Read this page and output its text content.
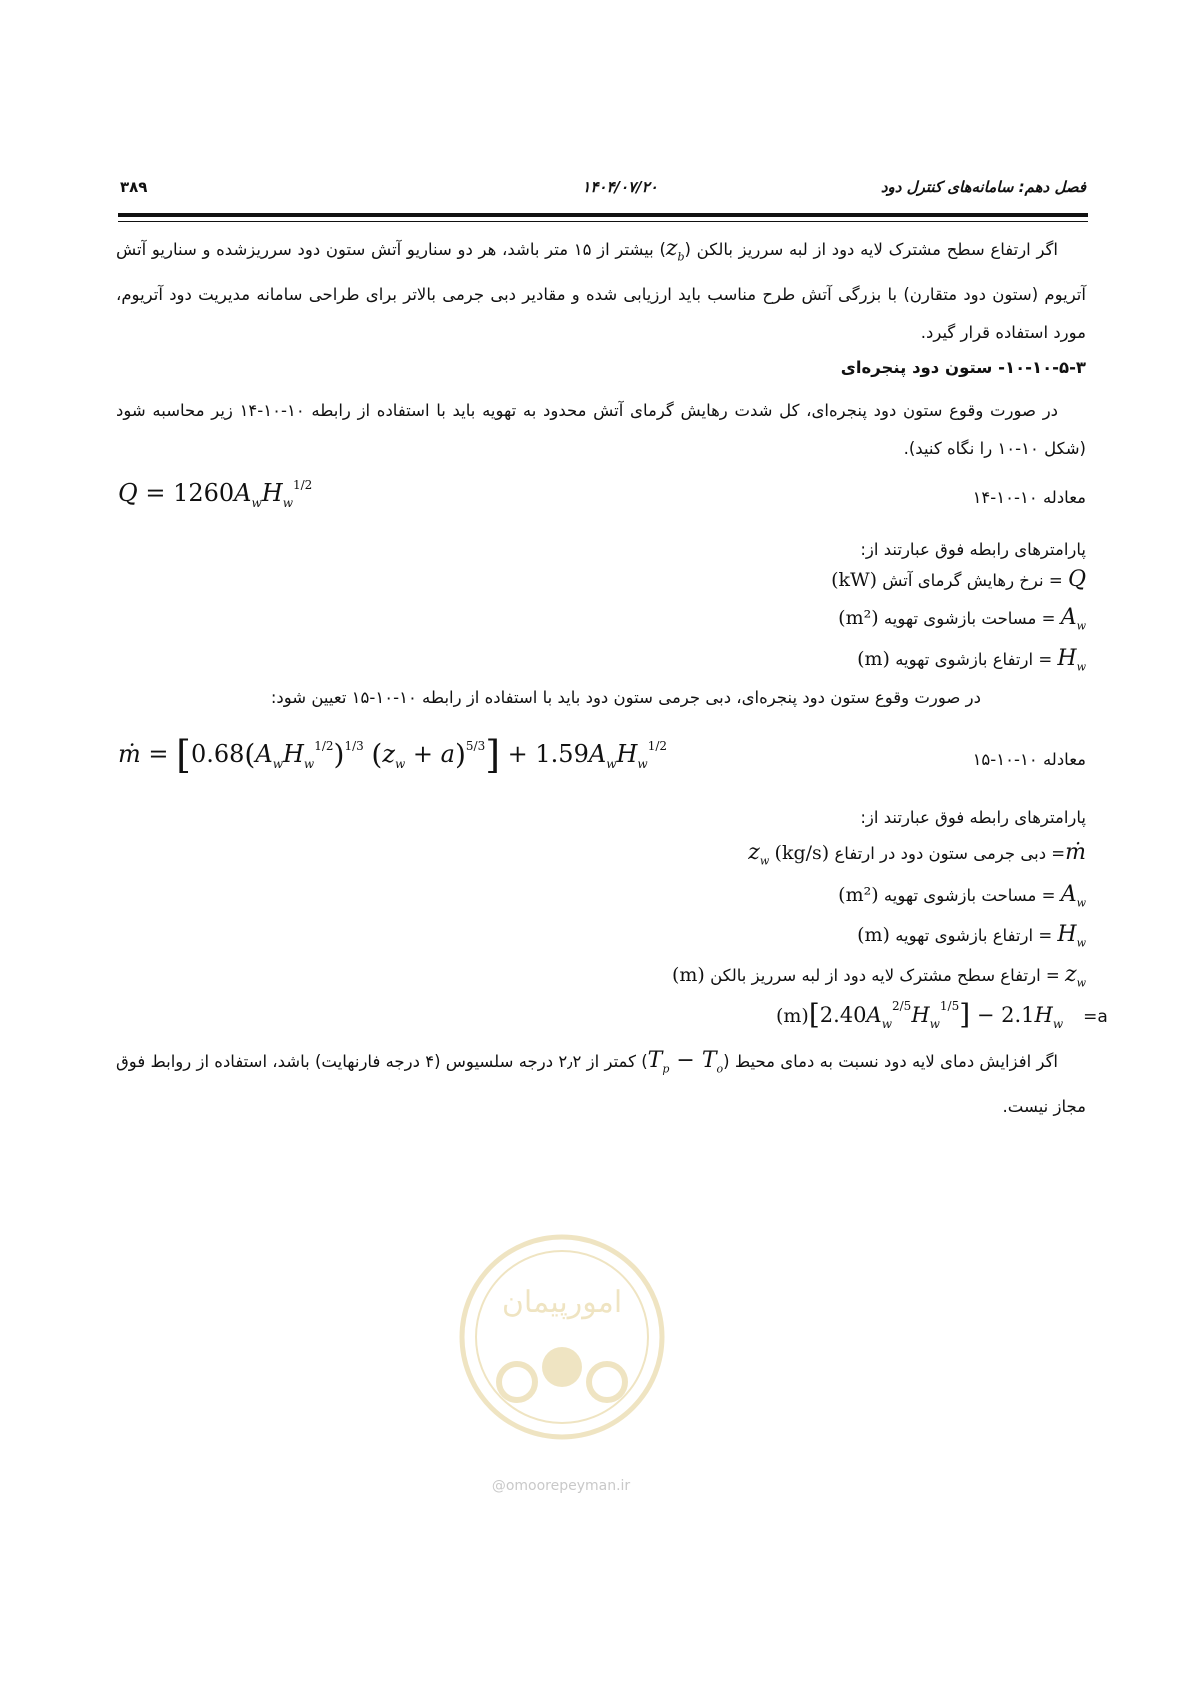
فصل دهم: سامانه‌های کنترل دود
۱۴۰۴/۰۷/۲۰
۳۸۹
اگر ارتفاع سطح مشترک لایه دود از لبه سرریز بالکن $(z_b)$ بیشتر از ۱۵ متر باشد، هر دو سناریو آتش ستون دود سرریزشده و سناریو آتش آتریوم (ستون دود متقارن) با بزرگی آتش طرح مناسب باید ارزیابی شده و مقادیر دبی جرمی بالاتر برای طراحی سامانه مدیریت دود آتریوم، مورد استفاده قرار گیرد.
۱۰-۱۰-۵-۳- ستون دود پنجره‌ای
در صورت وقوع ستون دود پنجره‌ای، کل شدت رهایش گرمای آتش محدود به تهویه باید با استفاده از رابطه ۱۰-۱۰-۱۴ زیر محاسبه شود (شکل ۱۰-۱۰ را نگاه کنید).
معادله ۱۰-۱۰-۱۴
$Q = 1260A_wH_w^{1/2}$
پارامترهای رابطه فوق عبارتند از:
Q = نرخ رهایش گرمای آتش (kW)
$A_w$ = مساحت بازشوی تهویه (m²)
$H_w$ = ارتفاع بازشوی تهویه (m)
در صورت وقوع ستون دود پنجره‌ای، دبی جرمی ستون دود باید با استفاده از رابطه ۱۰-۱۰-۱۵ تعیین شود:
معادله ۱۰-۱۰-۱۵
ṁ = [$0.68(A_wH_w^{1/2})^{1/3}$ $(z_w + a)^{5/3}] + 1.59A_wH_w^{1/2}$
پارامترهای رابطه فوق عبارتند از:
ṁ= دبی جرمی ستون دود در ارتفاع $z_w$ (kg/s)
$A_w$ = مساحت بازشوی تهویه (m²)
$H_w$ = ارتفاع بازشوی تهویه (m)
$z_w$ = ارتفاع سطح مشترک لایه دود از لبه سرریز بالکن (m)
$(m)[2.40A_w^{2/5}H_w^{1/5}] - 2.1H_w =a$
اگر افزایش دمای لایه دود نسبت به دمای محیط $(T_p - T_o)$ کمتر از ۲٫۲ درجه سلسیوس (۴ درجه فارنهایت) باشد، استفاده از روابط فوق مجاز نیست.
امورپیمان
@omoorepeyman.ir
